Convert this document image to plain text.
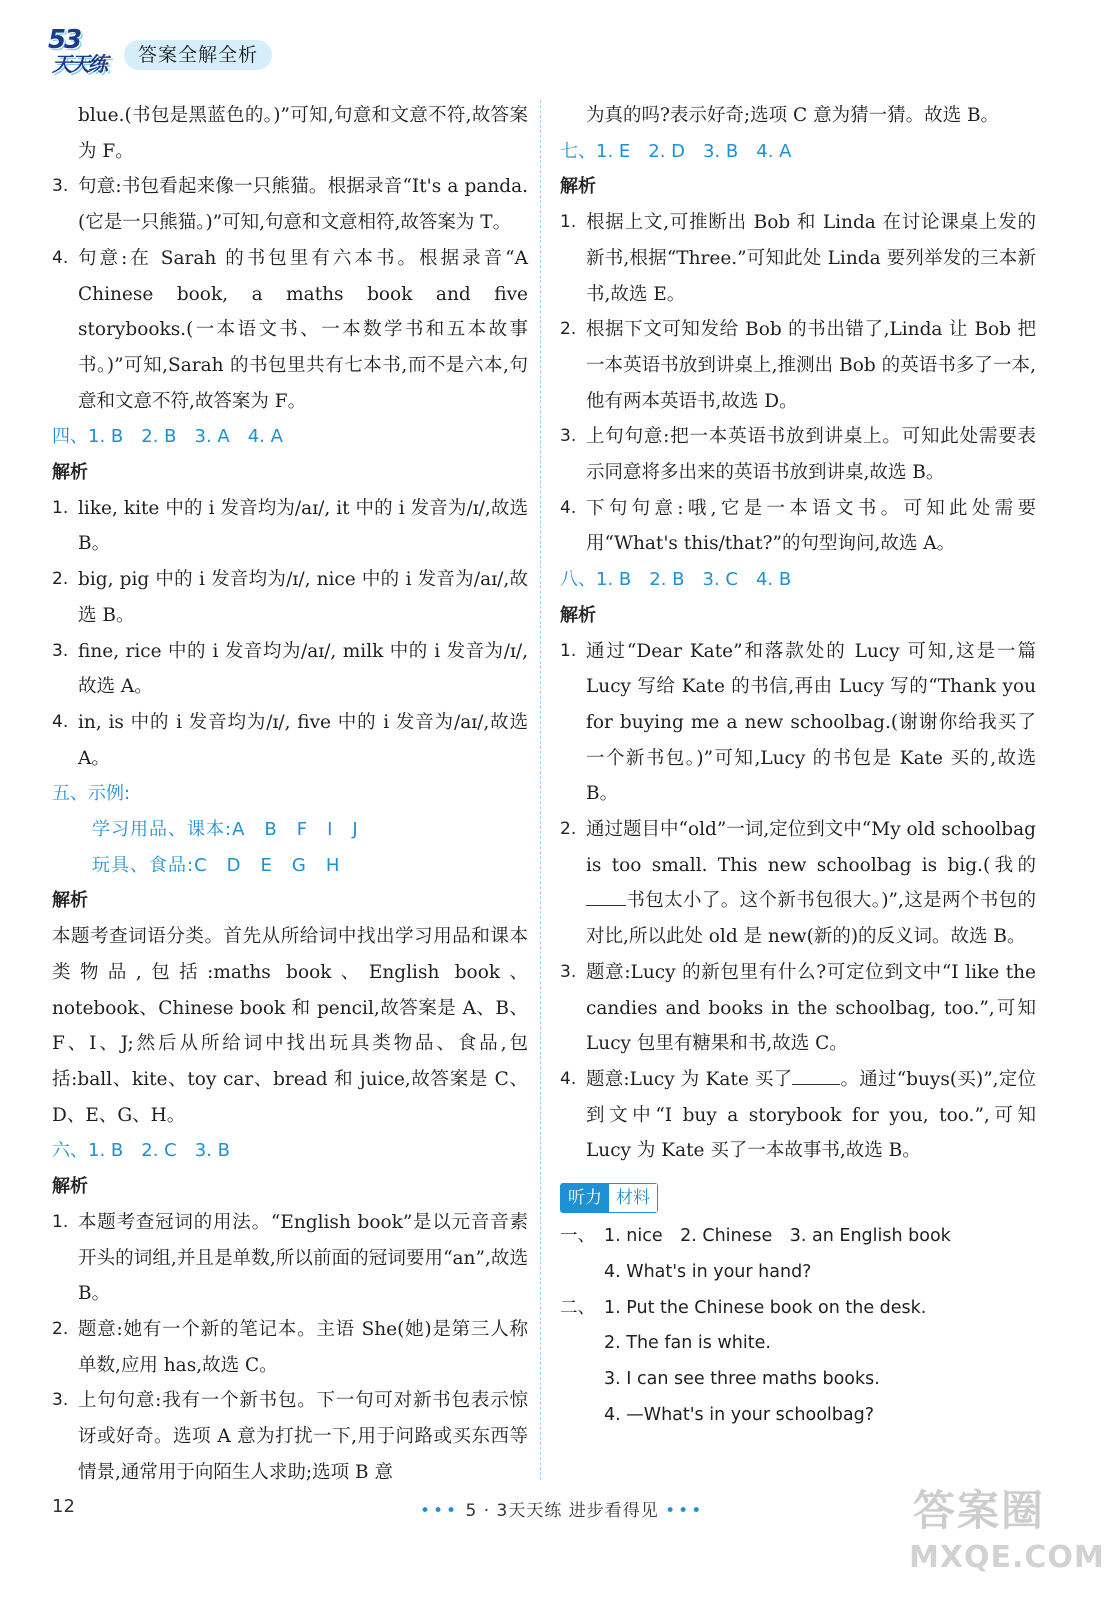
53
天天练	答案全解全析

blue.(书包是黑蓝色的。)”可知,句意和文意不符,故答案为 F。

3. 句意:书包看起来像一只熊猫。根据录音“It's a panda.(它是一只熊猫。)”可知,句意和文意相符,故答案为 T。
4. 句意:在 Sarah 的书包里有六本书。根据录音“A Chinese book, a maths book and five storybooks.(一本语文书、一本数学书和五本故事书。)”可知,Sarah 的书包里共有七本书,而不是六本,句意和文意不符,故答案为 F。
四、1. B　2. B　3. A　4. A
解析
1. like, kite 中的 i 发音均为/aɪ/, it 中的 i 发音为/ɪ/,故选 B。
2. big, pig 中的 i 发音均为/ɪ/, nice 中的 i 发音为/aɪ/,故选 B。
3. fine, rice 中的 i 发音均为/aɪ/, milk 中的 i 发音为/ɪ/,故选 A。
4. in, is 中的 i 发音均为/ɪ/, five 中的 i 发音为/aɪ/,故选 A。
五、示例:
学习用品、课本:A　B　F　I　J
玩具、食品:C　D　E　G　H
解析

本题考查词语分类。首先从所给词中找出学习用品和课本类物品,包括:maths book、English book、notebook、Chinese book 和 pencil,故答案是 A、B、F、I、J;然后从所给词中找出玩具类物品、食品,包括:ball、kite、toy car、bread 和 juice,故答案是 C、D、E、G、H。

六、1. B　2. C　3. B
解析
1. 本题考查冠词的用法。“English book”是以元音音素开头的词组,并且是单数,所以前面的冠词要用“an”,故选 B。
2. 题意:她有一个新的笔记本。主语 She(她)是第三人称单数,应用 has,故选 C。
3. 上句句意:我有一个新书包。下一句可对新书包表示惊讶或好奇。选项 A 意为打扰一下,用于问路或买东西等情景,通常用于向陌生人求助;选项 B 意

为真的吗?表示好奇;选项 C 意为猜一猜。故选 B。

七、1. E　2. D　3. B　4. A
解析
1. 根据上文,可推断出 Bob 和 Linda 在讨论课桌上发的新书,根据“Three.”可知此处 Linda 要列举发的三本新书,故选 E。
2. 根据下文可知发给 Bob 的书出错了,Linda 让 Bob 把一本英语书放到讲桌上,推测出 Bob 的英语书多了一本,他有两本英语书,故选 D。
3. 上句句意:把一本英语书放到讲桌上。可知此处需要表示同意将多出来的英语书放到讲桌,故选 B。
4. 下句句意:哦,它是一本语文书。可知此处需要用“What's this/that?”的句型询问,故选 A。
八、1. B　2. B　3. C　4. B
解析
1. 通过“Dear Kate”和落款处的 Lucy 可知,这是一篇 Lucy 写给 Kate 的书信,再由 Lucy 写的“Thank you for buying me a new schoolbag.(谢谢你给我买了一个新书包。)”可知,Lucy 的书包是 Kate 买的,故选 B。
2. 通过题目中“old”一词,定位到文中“My old schoolbag is too small. This new schoolbag is big.(我的书包太小了。这个新书包很大。)”,这是两个书包的对比,所以此处 old 是 new(新的)的反义词。故选 B。
3. 题意:Lucy 的新包里有什么?可定位到文中“I like the candies and books in the schoolbag, too.”,可知 Lucy 包里有糖果和书,故选 C。
4. 题意:Lucy 为 Kate 买了	。通过“buys(买)”,定位到文中“I buy a storybook for you, too.”,可知 Lucy 为 Kate 买了一本故事书,故选 B。
听力 材料
一、 1. nice　2. Chinese　3. an English book
4. What's in your hand?
二、 1. Put the Chinese book on the desk.
2. The fan is white.
3. I can see three maths books.
4. —What's in your schoolbag?
12	••• 5 · 3天天练 进步看得见 •••	答案圈
MXQE.COM
